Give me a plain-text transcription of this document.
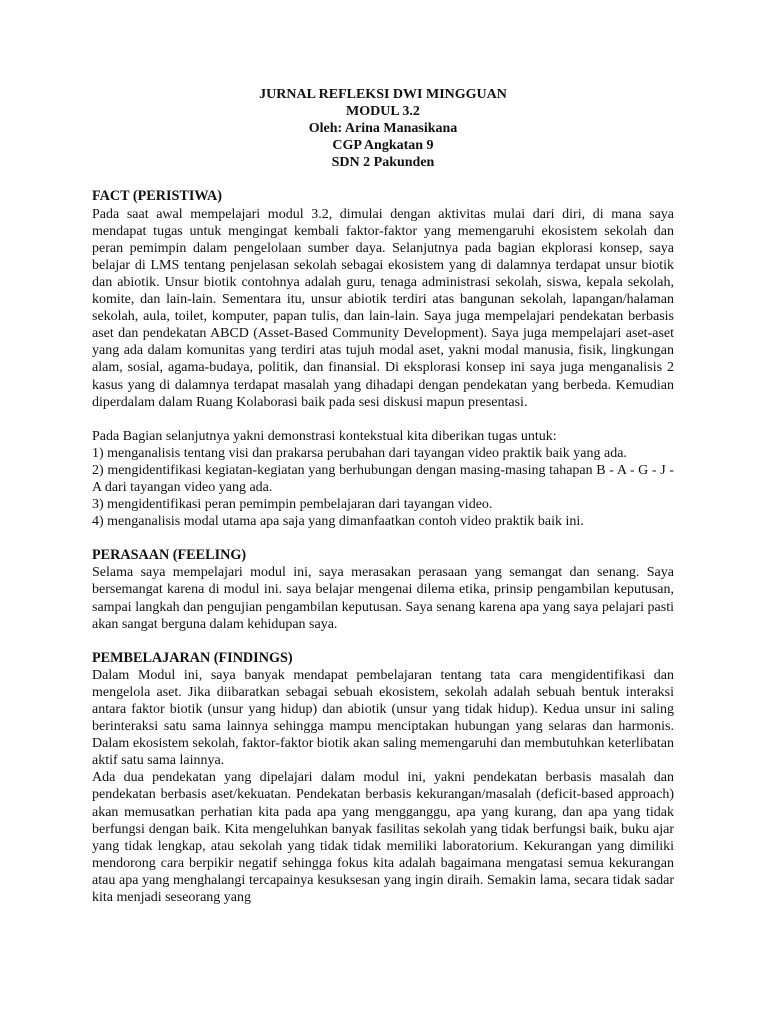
JURNAL REFLEKSI DWI MINGGUAN
MODUL 3.2
Oleh: Arina Manasikana
CGP Angkatan 9
SDN 2 Pakunden

FACT (PERISTIWA)

Pada saat awal mempelajari modul 3.2, dimulai dengan aktivitas mulai dari diri, di mana saya mendapat tugas untuk mengingat kembali faktor-faktor yang memengaruhi ekosistem sekolah dan peran pemimpin dalam pengelolaan sumber daya. Selanjutnya pada bagian ekplorasi konsep, saya belajar di LMS tentang penjelasan sekolah sebagai ekosistem yang di dalamnya terdapat unsur biotik dan abiotik. Unsur biotik contohnya adalah guru, tenaga administrasi sekolah, siswa, kepala sekolah, komite, dan lain-lain. Sementara itu, unsur abiotik terdiri atas bangunan sekolah, lapangan/halaman sekolah, aula, toilet, komputer, papan tulis, dan lain-lain. Saya juga mempelajari pendekatan berbasis aset dan pendekatan ABCD (Asset-Based Community Development). Saya juga mempelajari aset-aset yang ada dalam komunitas yang terdiri atas tujuh modal aset, yakni modal manusia, fisik, lingkungan alam, sosial, agama-budaya, politik, dan finansial. Di eksplorasi konsep ini saya juga menganalisis 2 kasus yang di dalamnya terdapat masalah yang dihadapi dengan pendekatan yang berbeda. Kemudian diperdalam dalam Ruang Kolaborasi baik pada sesi diskusi mapun presentasi.

Pada Bagian selanjutnya yakni demonstrasi kontekstual kita diberikan tugas untuk:

1) menganalisis tentang visi dan prakarsa perubahan dari tayangan video praktik baik yang ada.

2) mengidentifikasi kegiatan-kegiatan yang berhubungan dengan masing-masing tahapan B - A - G - J - A dari tayangan video yang ada.

3) mengidentifikasi peran pemimpin pembelajaran dari tayangan video.

4) menganalisis modal utama apa saja yang dimanfaatkan contoh video praktik baik ini.

PERASAAN (FEELING)

Selama saya mempelajari modul ini, saya merasakan perasaan yang semangat dan senang. Saya bersemangat karena di modul ini. saya belajar mengenai dilema etika, prinsip pengambilan keputusan, sampai langkah dan pengujian pengambilan keputusan. Saya senang karena apa yang saya pelajari pasti akan sangat berguna dalam kehidupan saya.

PEMBELAJARAN (FINDINGS)

Dalam Modul ini, saya banyak mendapat pembelajaran tentang tata cara mengidentifikasi dan mengelola aset. Jika diibaratkan sebagai sebuah ekosistem, sekolah adalah sebuah bentuk interaksi antara faktor biotik (unsur yang hidup) dan abiotik (unsur yang tidak hidup). Kedua unsur ini saling berinteraksi satu sama lainnya sehingga mampu menciptakan hubungan yang selaras dan harmonis. Dalam ekosistem sekolah, faktor-faktor biotik akan saling memengaruhi dan membutuhkan keterlibatan aktif satu sama lainnya.

Ada dua pendekatan yang dipelajari dalam modul ini, yakni pendekatan berbasis masalah dan pendekatan berbasis aset/kekuatan. Pendekatan berbasis kekurangan/masalah (deficit-based approach) akan memusatkan perhatian kita pada apa yang mengganggu, apa yang kurang, dan apa yang tidak berfungsi dengan baik. Kita mengeluhkan banyak fasilitas sekolah yang tidak berfungsi baik, buku ajar yang tidak lengkap, atau sekolah yang tidak tidak memiliki laboratorium. Kekurangan yang dimiliki mendorong cara berpikir negatif sehingga fokus kita adalah bagaimana mengatasi semua kekurangan atau apa yang menghalangi tercapainya kesuksesan yang ingin diraih. Semakin lama, secara tidak sadar kita menjadi seseorang yang
